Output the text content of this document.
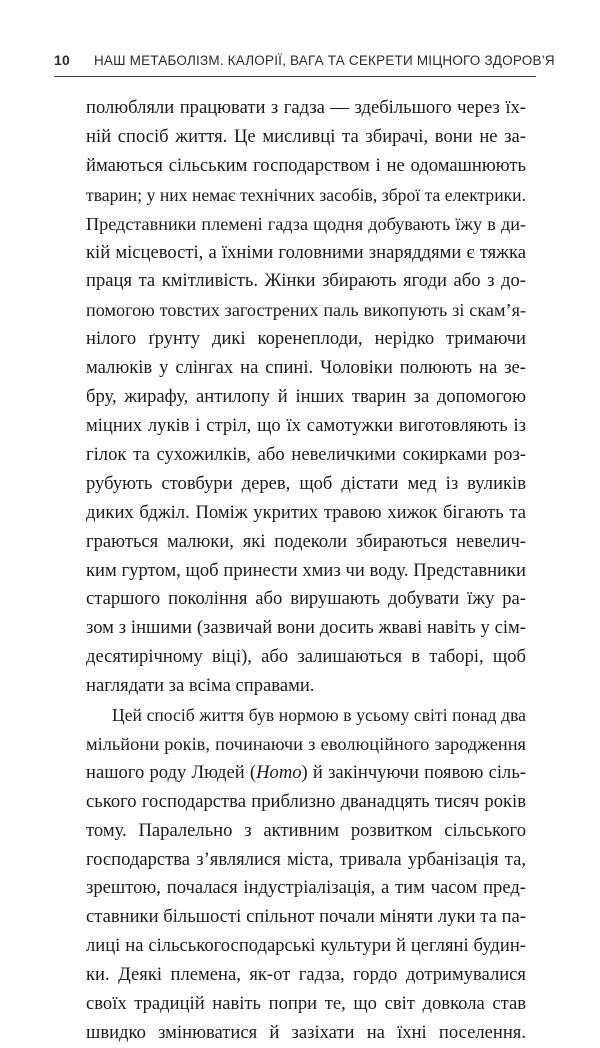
10 НАШ МЕТАБОЛІЗМ. КАЛОРІЇ, ВАГА ТА СЕКРЕТИ МІЦНОГО ЗДОРОВ’Я

полюбляли працювати з гадза — здебільшого через їх-
ній спосіб життя. Це мисливці та збирачі, вони не за-
ймаються сільським господарством і не одомашнюють
тварин; у них немає технічних засобів, зброї та електрики.
Представники племені гадза щодня добувають їжу в ди-
кій місцевості, а їхніми головними знаряддями є тяжка
праця та кмітливість. Жінки збирають ягоди або з до-
помогою товстих загострених паль викопують зі скам’я-
нілого ґрунту дикі коренеплоди, нерідко тримаючи
малюків у слінгах на спині. Чоловіки полюють на зе-
бру, жирафу, антилопу й інших тварин за допомогою
міцних луків і стріл, що їх самотужки виготовляють із
гілок та сухожилків, або невеличкими сокирками роз-
рубують стовбури дерев, щоб дістати мед із вуликів
диких бджіл. Поміж укритих травою хижок бігають та
граються малюки, які подеколи збираються невелич-
ким гуртом, щоб принести хмиз чи воду. Представники
старшого покоління або вирушають добувати їжу ра-
зом з іншими (зазвичай вони досить жваві навіть у сім-
десятирічному віці), або залишаються в таборі, щоб
наглядати за всіма справами.

Цей спосіб життя був нормою в усьому світі понад два
мільйони років, починаючи з еволюційного зародження
нашого роду Людей (Homo) й закінчуючи появою сіль-
ського господарства приблизно дванадцять тисяч років
тому. Паралельно з активним розвитком сільського
господарства з’являлися міста, тривала урбанізація та,
зрештою, почалася індустріалізація, а тим часом пред-
ставники більшості спільнот почали міняти луки та па-
лиці на сільськогосподарські культури й цегляні будин-
ки. Деякі племена, як-от гадза, гордо дотримувалися
своїх традицій навіть попри те, що світ довкола став
швидко змінюватися й зазіхати на їхні поселення.
